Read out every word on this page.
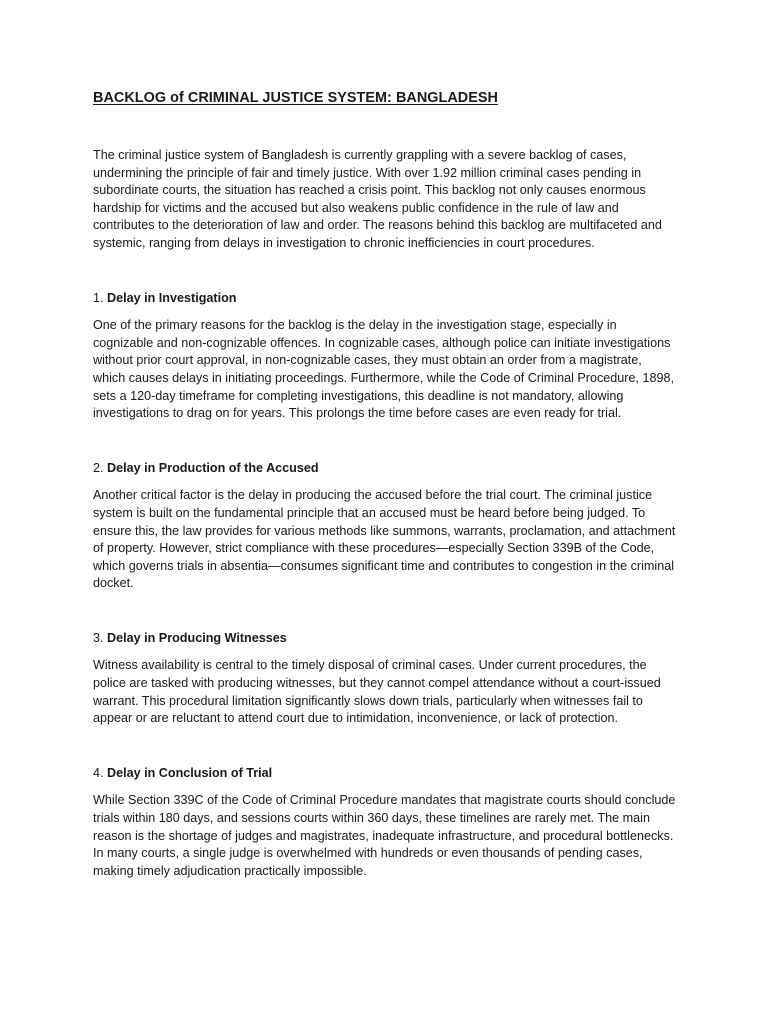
BACKLOG of CRIMINAL JUSTICE SYSTEM: BANGLADESH

The criminal justice system of Bangladesh is currently grappling with a severe backlog of cases, undermining the principle of fair and timely justice. With over 1.92 million criminal cases pending in subordinate courts, the situation has reached a crisis point. This backlog not only causes enormous hardship for victims and the accused but also weakens public confidence in the rule of law and contributes to the deterioration of law and order. The reasons behind this backlog are multifaceted and systemic, ranging from delays in investigation to chronic inefficiencies in court procedures.

1. Delay in Investigation

One of the primary reasons for the backlog is the delay in the investigation stage, especially in cognizable and non-cognizable offences. In cognizable cases, although police can initiate investigations without prior court approval, in non-cognizable cases, they must obtain an order from a magistrate, which causes delays in initiating proceedings. Furthermore, while the Code of Criminal Procedure, 1898, sets a 120-day timeframe for completing investigations, this deadline is not mandatory, allowing investigations to drag on for years. This prolongs the time before cases are even ready for trial.

2. Delay in Production of the Accused

Another critical factor is the delay in producing the accused before the trial court. The criminal justice system is built on the fundamental principle that an accused must be heard before being judged. To ensure this, the law provides for various methods like summons, warrants, proclamation, and attachment of property. However, strict compliance with these procedures—especially Section 339B of the Code, which governs trials in absentia—consumes significant time and contributes to congestion in the criminal docket.

3. Delay in Producing Witnesses

Witness availability is central to the timely disposal of criminal cases. Under current procedures, the police are tasked with producing witnesses, but they cannot compel attendance without a court-issued warrant. This procedural limitation significantly slows down trials, particularly when witnesses fail to appear or are reluctant to attend court due to intimidation, inconvenience, or lack of protection.

4. Delay in Conclusion of Trial

While Section 339C of the Code of Criminal Procedure mandates that magistrate courts should conclude trials within 180 days, and sessions courts within 360 days, these timelines are rarely met. The main reason is the shortage of judges and magistrates, inadequate infrastructure, and procedural bottlenecks. In many courts, a single judge is overwhelmed with hundreds or even thousands of pending cases, making timely adjudication practically impossible.
